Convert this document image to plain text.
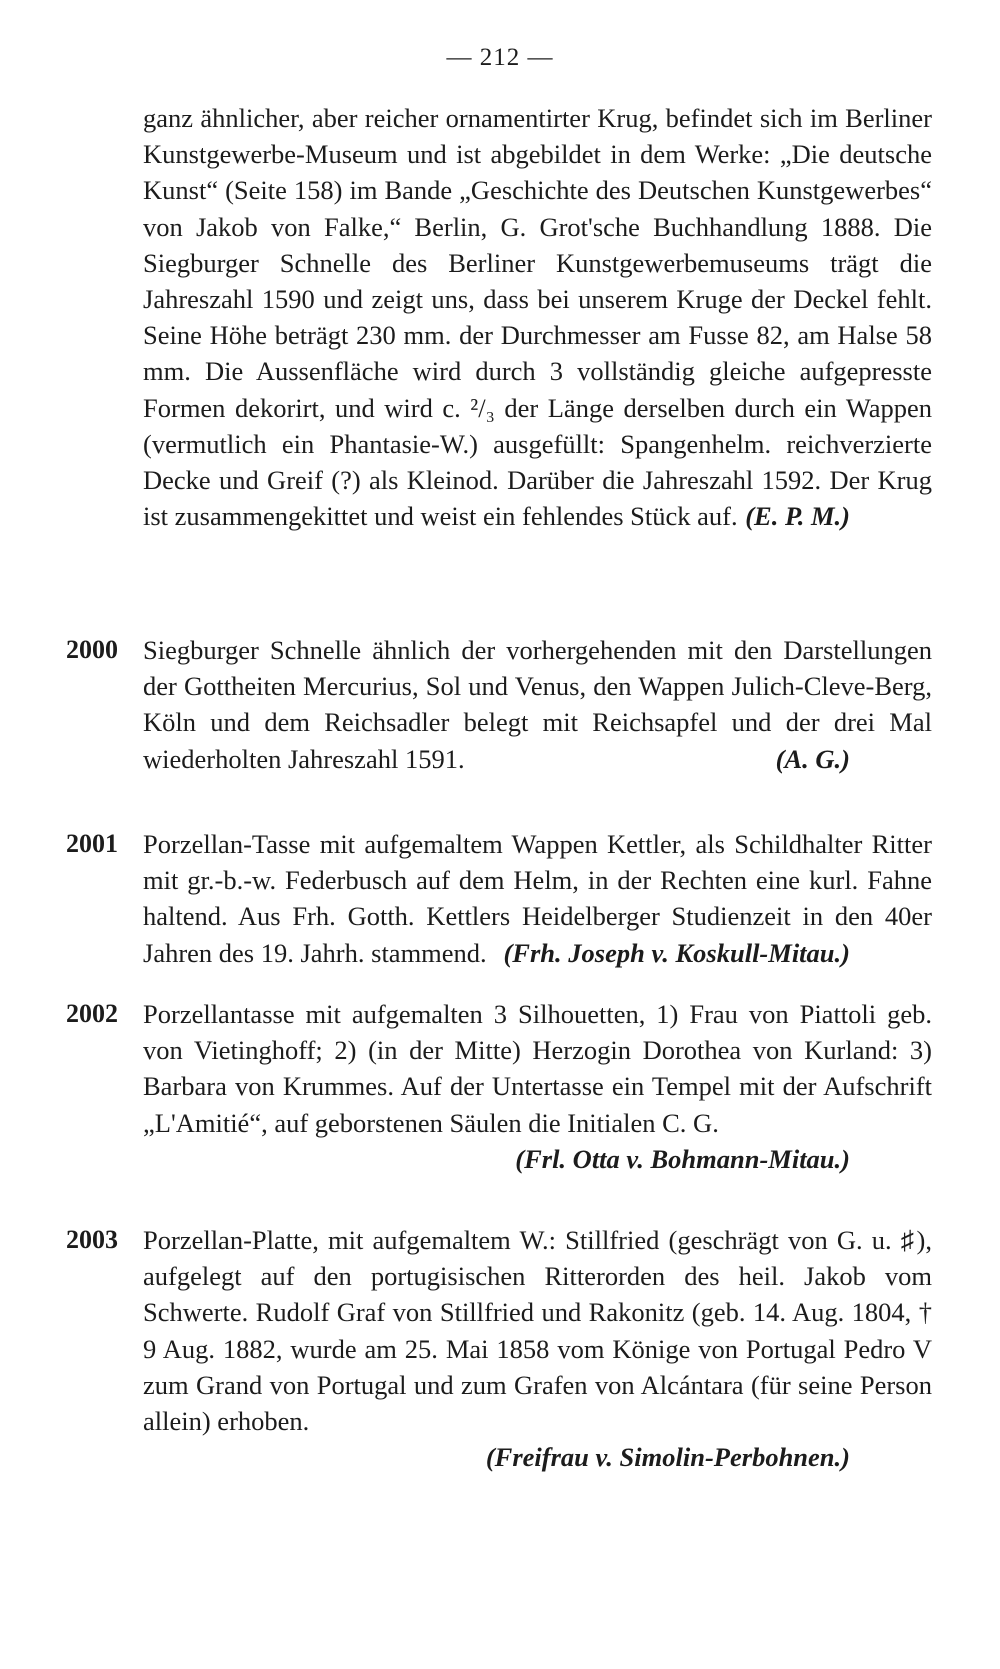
— 212 —

ganz ähnlicher, aber reicher ornamentirter Krug, befindet sich im Berliner Kunstgewerbe-Museum und ist abgebildet in dem Werke: „Die deutsche Kunst“ (Seite 158) im Bande „Geschichte des Deutschen Kunstgewerbes“ von Jakob von Falke,“ Berlin, G. Grot'sche Buchhandlung 1888. Die Siegburger Schnelle des Berliner Kunstgewerbemuseums trägt die Jahreszahl 1590 und zeigt uns, dass bei unserem Kruge der Deckel fehlt. Seine Höhe beträgt 230 mm. der Durchmesser am Fusse 82, am Halse 58 mm. Die Aussenfläche wird durch 3 vollständig gleiche aufgepresste Formen dekorirt, und wird c. ²/₃ der Länge derselben durch ein Wappen (vermutlich ein Phantasie-W.) ausgefüllt: Spangenhelm. reichverzierte Decke und Greif (?) als Kleinod. Darüber die Jahreszahl 1592. Der Krug ist zusammengekittet und weist ein fehlendes Stück auf. (E. P. M.)

2000 Siegburger Schnelle ähnlich der vorhergehenden mit den Darstellungen der Gottheiten Mercurius, Sol und Venus, den Wappen Julich-Cleve-Berg, Köln und dem Reichsadler belegt mit Reichsapfel und der drei Mal wiederholten Jahreszahl 1591.	(A. G.)

2001 Porzellan-Tasse mit aufgemaltem Wappen Kettler, als Schildhalter Ritter mit gr.-b.-w. Federbusch auf dem Helm, in der Rechten eine kurl. Fahne haltend. Aus Frh. Gotth. Kettlers Heidelberger Studienzeit in den 40er Jahren des 19. Jahrh. stammend. (Frh. Joseph v. Koskull-Mitau.)

2002 Porzellantasse mit aufgemalten 3 Silhouetten, 1) Frau von Piattoli geb. von Vietinghoff; 2) (in der Mitte) Herzogin Dorothea von Kurland: 3) Barbara von Krummes. Auf der Untertasse ein Tempel mit der Aufschrift „L'Amitié“, auf geborstenen Säulen die Initialen C. G.
(Frl. Otta v. Bohmann-Mitau.)

2003 Porzellan-Platte, mit aufgemaltem W.: Stillfried (geschrägt von G. u. ♯), aufgelegt auf den portugisischen Ritterorden des heil. Jakob vom Schwerte. Rudolf Graf von Stillfried und Rakonitz (geb. 14. Aug. 1804, † 9 Aug. 1882, wurde am 25. Mai 1858 vom Könige von Portugal Pedro V zum Grand von Portugal und zum Grafen von Alcántara (für seine Person allein) erhoben.
(Freifrau v. Simolin-Perbohnen.)
